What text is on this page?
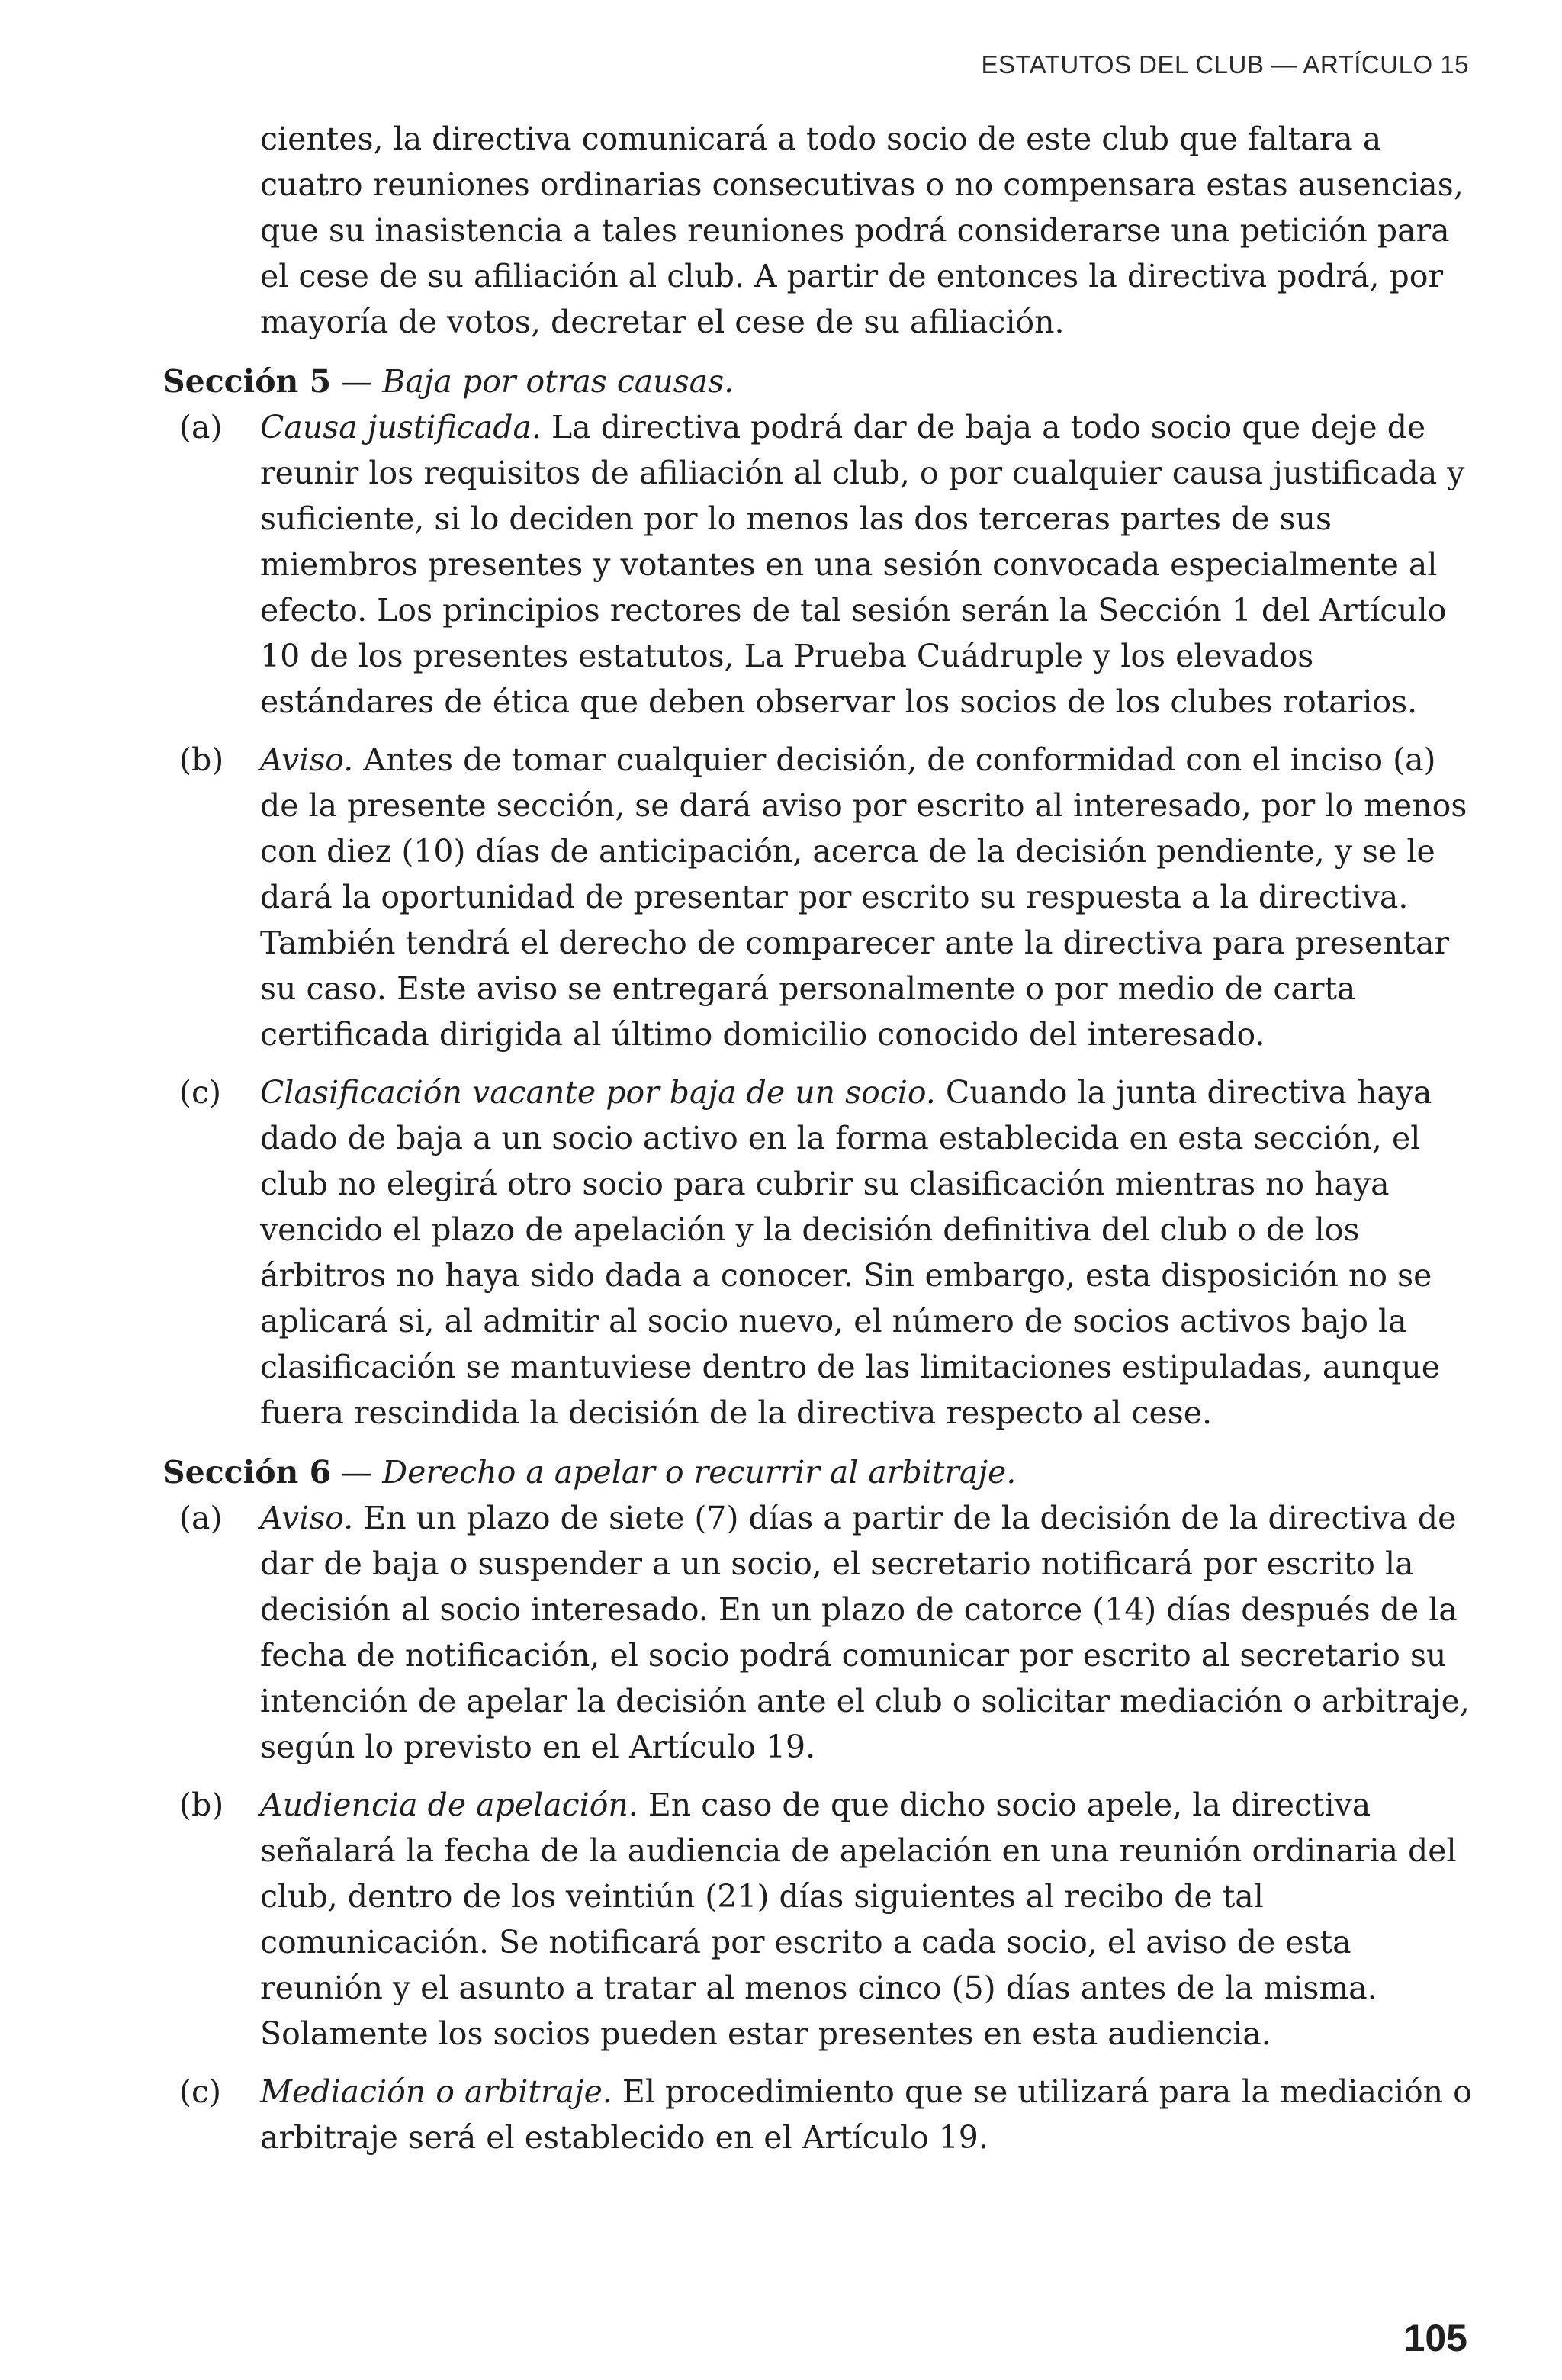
ESTATUTOS DEL CLUB — ARTÍCULO 15

cientes, la directiva comunicará a todo socio de este club que faltara a cuatro reuniones ordinarias consecutivas o no compensara estas ausencias, que su inasistencia a tales reuniones podrá considerarse una petición para el cese de su afiliación al club. A partir de entonces la directiva podrá, por mayoría de votos, decretar el cese de su afiliación.

Sección 5 — Baja por otras causas.
(a) Causa justificada. La directiva podrá dar de baja a todo socio que deje de reunir los requisitos de afiliación al club, o por cualquier causa justificada y suficiente, si lo deciden por lo menos las dos terceras partes de sus miembros presentes y votantes en una sesión convocada especialmente al efecto. Los principios rectores de tal sesión serán la Sección 1 del Artículo 10 de los presentes estatutos, La Prueba Cuádruple y los elevados estándares de ética que deben observar los socios de los clubes rotarios.
(b) Aviso. Antes de tomar cualquier decisión, de conformidad con el inciso (a) de la presente sección, se dará aviso por escrito al interesado, por lo menos con diez (10) días de anticipación, acerca de la decisión pendiente, y se le dará la oportunidad de presentar por escrito su respuesta a la directiva. También tendrá el derecho de comparecer ante la directiva para presentar su caso. Este aviso se entregará personalmente o por medio de carta certificada dirigida al último domicilio conocido del interesado.
(c) Clasificación vacante por baja de un socio. Cuando la junta directiva haya dado de baja a un socio activo en la forma establecida en esta sección, el club no elegirá otro socio para cubrir su clasificación mientras no haya vencido el plazo de apelación y la decisión definitiva del club o de los árbitros no haya sido dada a conocer. Sin embargo, esta disposición no se aplicará si, al admitir al socio nuevo, el número de socios activos bajo la clasificación se mantuviese dentro de las limitaciones estipuladas, aunque fuera rescindida la decisión de la directiva respecto al cese.
Sección 6 — Derecho a apelar o recurrir al arbitraje.
(a) Aviso. En un plazo de siete (7) días a partir de la decisión de la directiva de dar de baja o suspender a un socio, el secretario notificará por escrito la decisión al socio interesado. En un plazo de catorce (14) días después de la fecha de notificación, el socio podrá comunicar por escrito al secretario su intención de apelar la decisión ante el club o solicitar mediación o arbitraje, según lo previsto en el Artículo 19.
(b) Audiencia de apelación. En caso de que dicho socio apele, la directiva señalará la fecha de la audiencia de apelación en una reunión ordinaria del club, dentro de los veintiún (21) días siguientes al recibo de tal comunicación. Se notificará por escrito a cada socio, el aviso de esta reunión y el asunto a tratar al menos cinco (5) días antes de la misma. Solamente los socios pueden estar presentes en esta audiencia.
(c) Mediación o arbitraje. El procedimiento que se utilizará para la mediación o arbitraje será el establecido en el Artículo 19.
105
